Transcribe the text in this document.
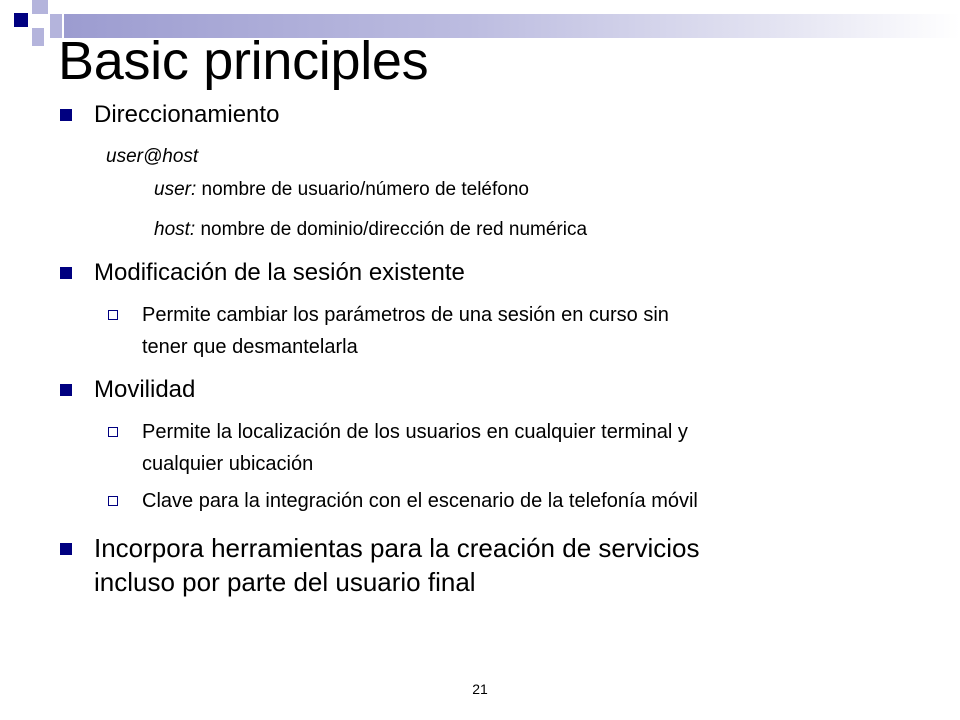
Basic principles
Direccionamiento
user@host
user: nombre de usuario/número de teléfono
host: nombre de dominio/dirección de red numérica
Modificación de la sesión existente
Permite cambiar los parámetros de una sesión en curso sin
tener que desmantelarla
Movilidad
Permite la localización de los usuarios en cualquier terminal y
cualquier ubicación
Clave para la integración con el escenario de la telefonía móvil
Incorpora herramientas para la creación de servicios
incluso por parte del usuario final
21
